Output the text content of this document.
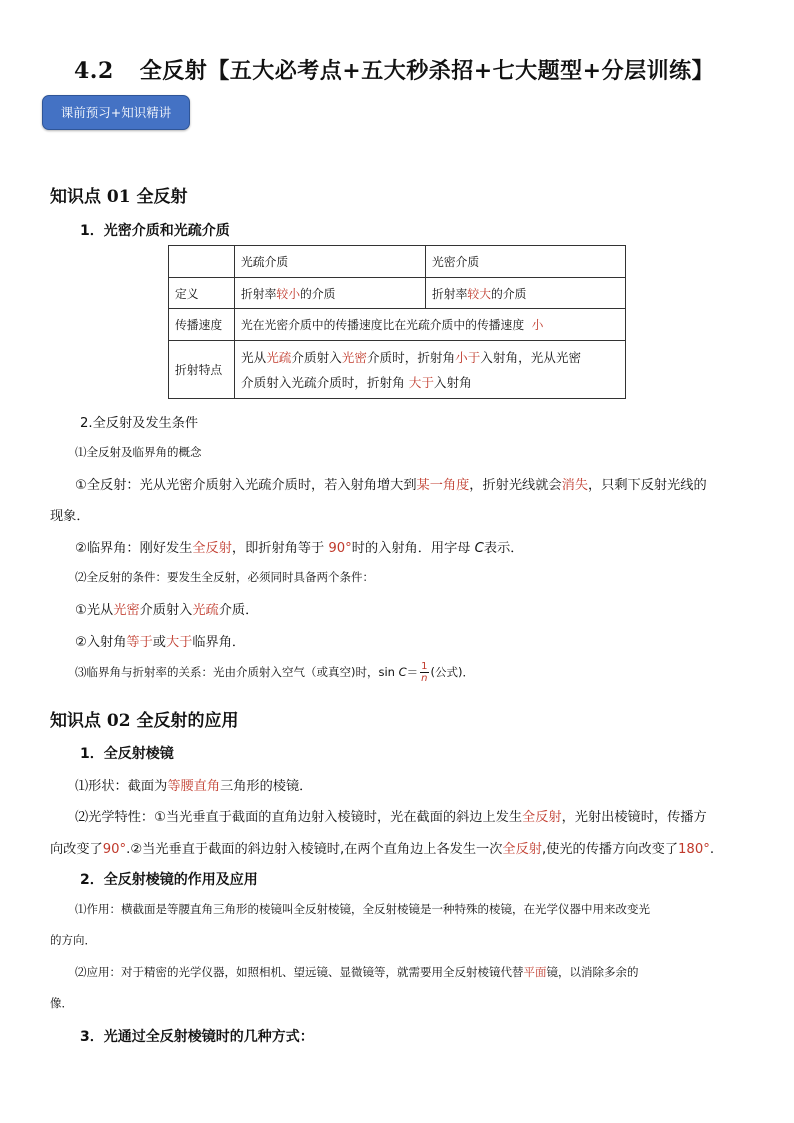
4.2 全反射【五大必考点+五大秒杀招+七大题型+分层训练】
课前预习+知识精讲
知识点 01 全反射
1．光密介质和光疏介质
	光疏介质	光密介质
定义	折射率较小的介质	折射率较大的介质
传播速度	光在光密介质中的传播速度比在光疏介质中的传播速度 小	
折射特点	光从光疏介质射入光密介质时，折射角小于入射角，光从光密
介质射入光疏介质时，折射角 大于入射角	
2.全反射及发生条件
⑴全反射及临界角的概念
①全反射：光从光密介质射入光疏介质时，若入射角增大到某一角度，折射光线就会消失，只剩下反射光线的
现象．
②临界角：刚好发生全反射，即折射角等于 90°时的入射角．用字母 C表示．
⑵全反射的条件：要发生全反射，必须同时具备两个条件：
①光从光密介质射入光疏介质．
②入射角等于或大于临界角．
⑶临界角与折射率的关系：光由介质射入空气（或真空)时，$\sin C= \frac{1}{n}$ (公式)．
知识点 02 全反射的应用
1．全反射棱镜
⑴形状：截面为等腰直角三角形的棱镜．
⑵光学特性：①当光垂直于截面的直角边射入棱镜时，光在截面的斜边上发生全反射，光射出棱镜时，传播方
向改变了90°.②当光垂直于截面的斜边射入棱镜时,在两个直角边上各发生一次全反射,使光的传播方向改变了180°.
2．全反射棱镜的作用及应用
⑴作用：横截面是等腰直角三角形的棱镜叫全反射棱镜，全反射棱镜是一种特殊的棱镜，在光学仪器中用来改变光
的方向．
⑵应用：对于精密的光学仪器，如照相机、望远镜、显微镜等，就需要用全反射棱镜代替平面镜，以消除多余的
像．
3．光通过全反射棱镜时的几种方式：
